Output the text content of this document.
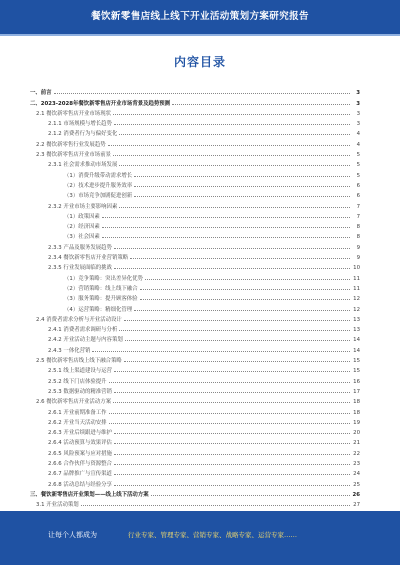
餐饮新零售店线上线下开业活动策划方案研究报告
内容目录
一、前言	3
二、2023-2028年餐饮新零售店开业市场背景及趋势预测	3
2.1 餐饮新零售店开业市场现状	3
2.1.1 市场规模与增长趋势	3
2.1.2 消费者行为与偏好变化	4
2.2 餐饮新零售行业发展趋势	4
2.3 餐饮新零售店开业市场前景	5
2.3.1 社会需求推动市场发展	5
（1）消费升级带动需求增长	5
（2）技术进步提升服务效率	6
（3）市场竞争加剧促进创新	6
2.3.2 开业市场主要影响因素	7
（1）政策因素	7
（2）经济因素	8
（3）社会因素	8
2.3.3 产品及服务发展趋势	9
2.3.4 餐饮新零售店开业营销策略	9
2.3.5 行业发展面临的挑战	10
（1）竞争策略：突出差异化优势	11
（2）营销策略：线上线下融合	11
（3）服务策略：提升顾客体验	12
（4）运营策略：精细化管理	12
2.4 消费者需求分析与开业活动设计	13
2.4.1 消费者需求调研与分析	13
2.4.2 开业活动主题与内容策划	14
2.4.3 一体化营销	14
2.5 餐饮新零售店线上线下融合策略	15
2.5.1 线上渠道建设与运营	15
2.5.2 线下门店体验提升	16
2.5.3 数据驱动的精准营销	17
2.6 餐饮新零售店开业活动方案	18
2.6.1 开业前期准备工作	18
2.6.2 开业当天活动安排	19
2.6.3 开业后续跟进与维护	20
2.6.4 活动预算与效果评估	21
2.6.5 风险预案与应对措施	22
2.6.6 合作伙伴与资源整合	23
2.6.7 品牌推广与宣传渠道	24
2.6.8 活动总结与经验分享	25
三、餐饮新零售店开业策划——线上线下活动方案	26
3.1 开业活动策划	27
让每个人都成为	行业专家、管理专家、营销专家、战略专家、运营专家……
